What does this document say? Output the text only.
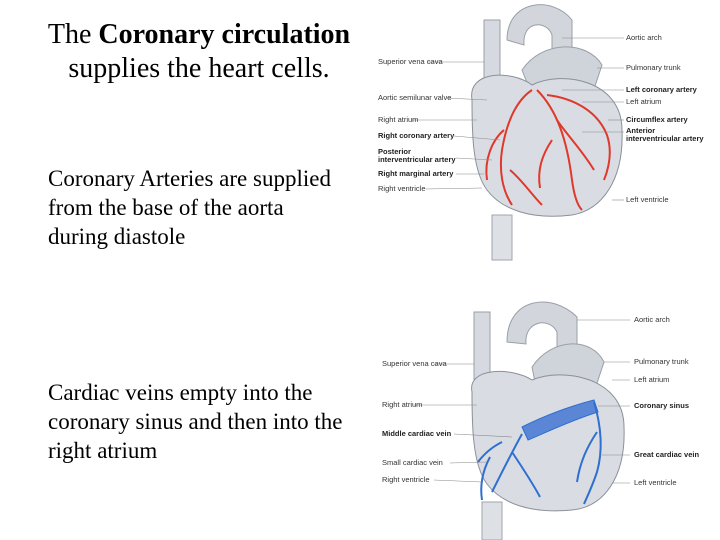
The Coronary circulation
supplies the heart cells.
Coronary Arteries are supplied from the base of the aorta during diastole
Cardiac veins empty into the coronary sinus and then into the right atrium
Superior vena cava
Aortic semilunar valve
Right atrium
Right coronary artery
Posterior interventricular artery
Right marginal artery
Right ventricle
Aortic arch
Pulmonary trunk
Left coronary artery
Left atrium
Circumflex artery
Anterior interventricular artery
Left ventricle
Superior vena cava
Right atrium
Middle cardiac vein
Small cardiac vein
Right ventricle
Aortic arch
Pulmonary trunk
Left atrium
Coronary sinus
Great cardiac vein
Left ventricle
